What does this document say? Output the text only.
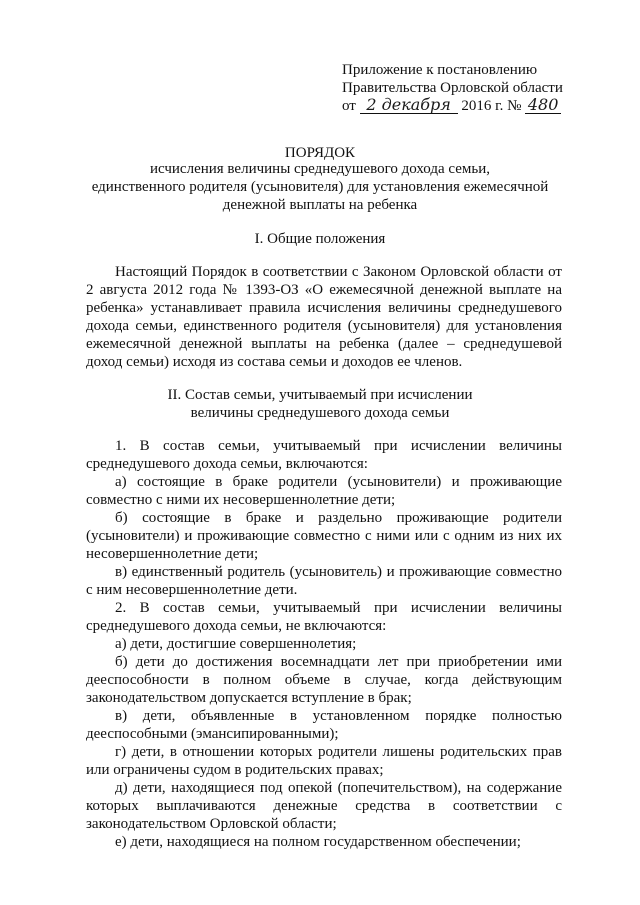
Приложение к постановлению
Правительства Орловской области
от 2 декабря 2016 г. № 480
ПОРЯДОК
исчисления величины среднедушевого дохода семьи,
единственного родителя (усыновителя) для установления ежемесячной
денежной выплаты на ребенка
I. Общие положения

Настоящий Порядок в соответствии с Законом Орловской области от 2 августа 2012 года № 1393-ОЗ «О ежемесячной денежной выплате на ребенка» устанавливает правила исчисления величины среднедушевого дохода семьи, единственного родителя (усыновителя) для установления ежемесячной денежной выплаты на ребенка (далее – среднедушевой доход семьи) исходя из состава семьи и доходов ее членов.

II. Состав семьи, учитываемый при исчислении
величины среднедушевого дохода семьи

1. В состав семьи, учитываемый при исчислении величины среднедушевого дохода семьи, включаются:

а) состоящие в браке родители (усыновители) и проживающие совместно с ними их несовершеннолетние дети;

б) состоящие в браке и раздельно проживающие родители (усыновители) и проживающие совместно с ними или с одним из них их несовершеннолетние дети;

в) единственный родитель (усыновитель) и проживающие совместно с ним несовершеннолетние дети.

2. В состав семьи, учитываемый при исчислении величины среднедушевого дохода семьи, не включаются:

а) дети, достигшие совершеннолетия;

б) дети до достижения восемнадцати лет при приобретении ими дееспособности в полном объеме в случае, когда действующим законодательством допускается вступление в брак;

в) дети, объявленные в установленном порядке полностью дееспособными (эмансипированными);

г) дети, в отношении которых родители лишены родительских прав или ограничены судом в родительских правах;

д) дети, находящиеся под опекой (попечительством), на содержание которых выплачиваются денежные средства в соответствии с законодательством Орловской области;

е) дети, находящиеся на полном государственном обеспечении;
